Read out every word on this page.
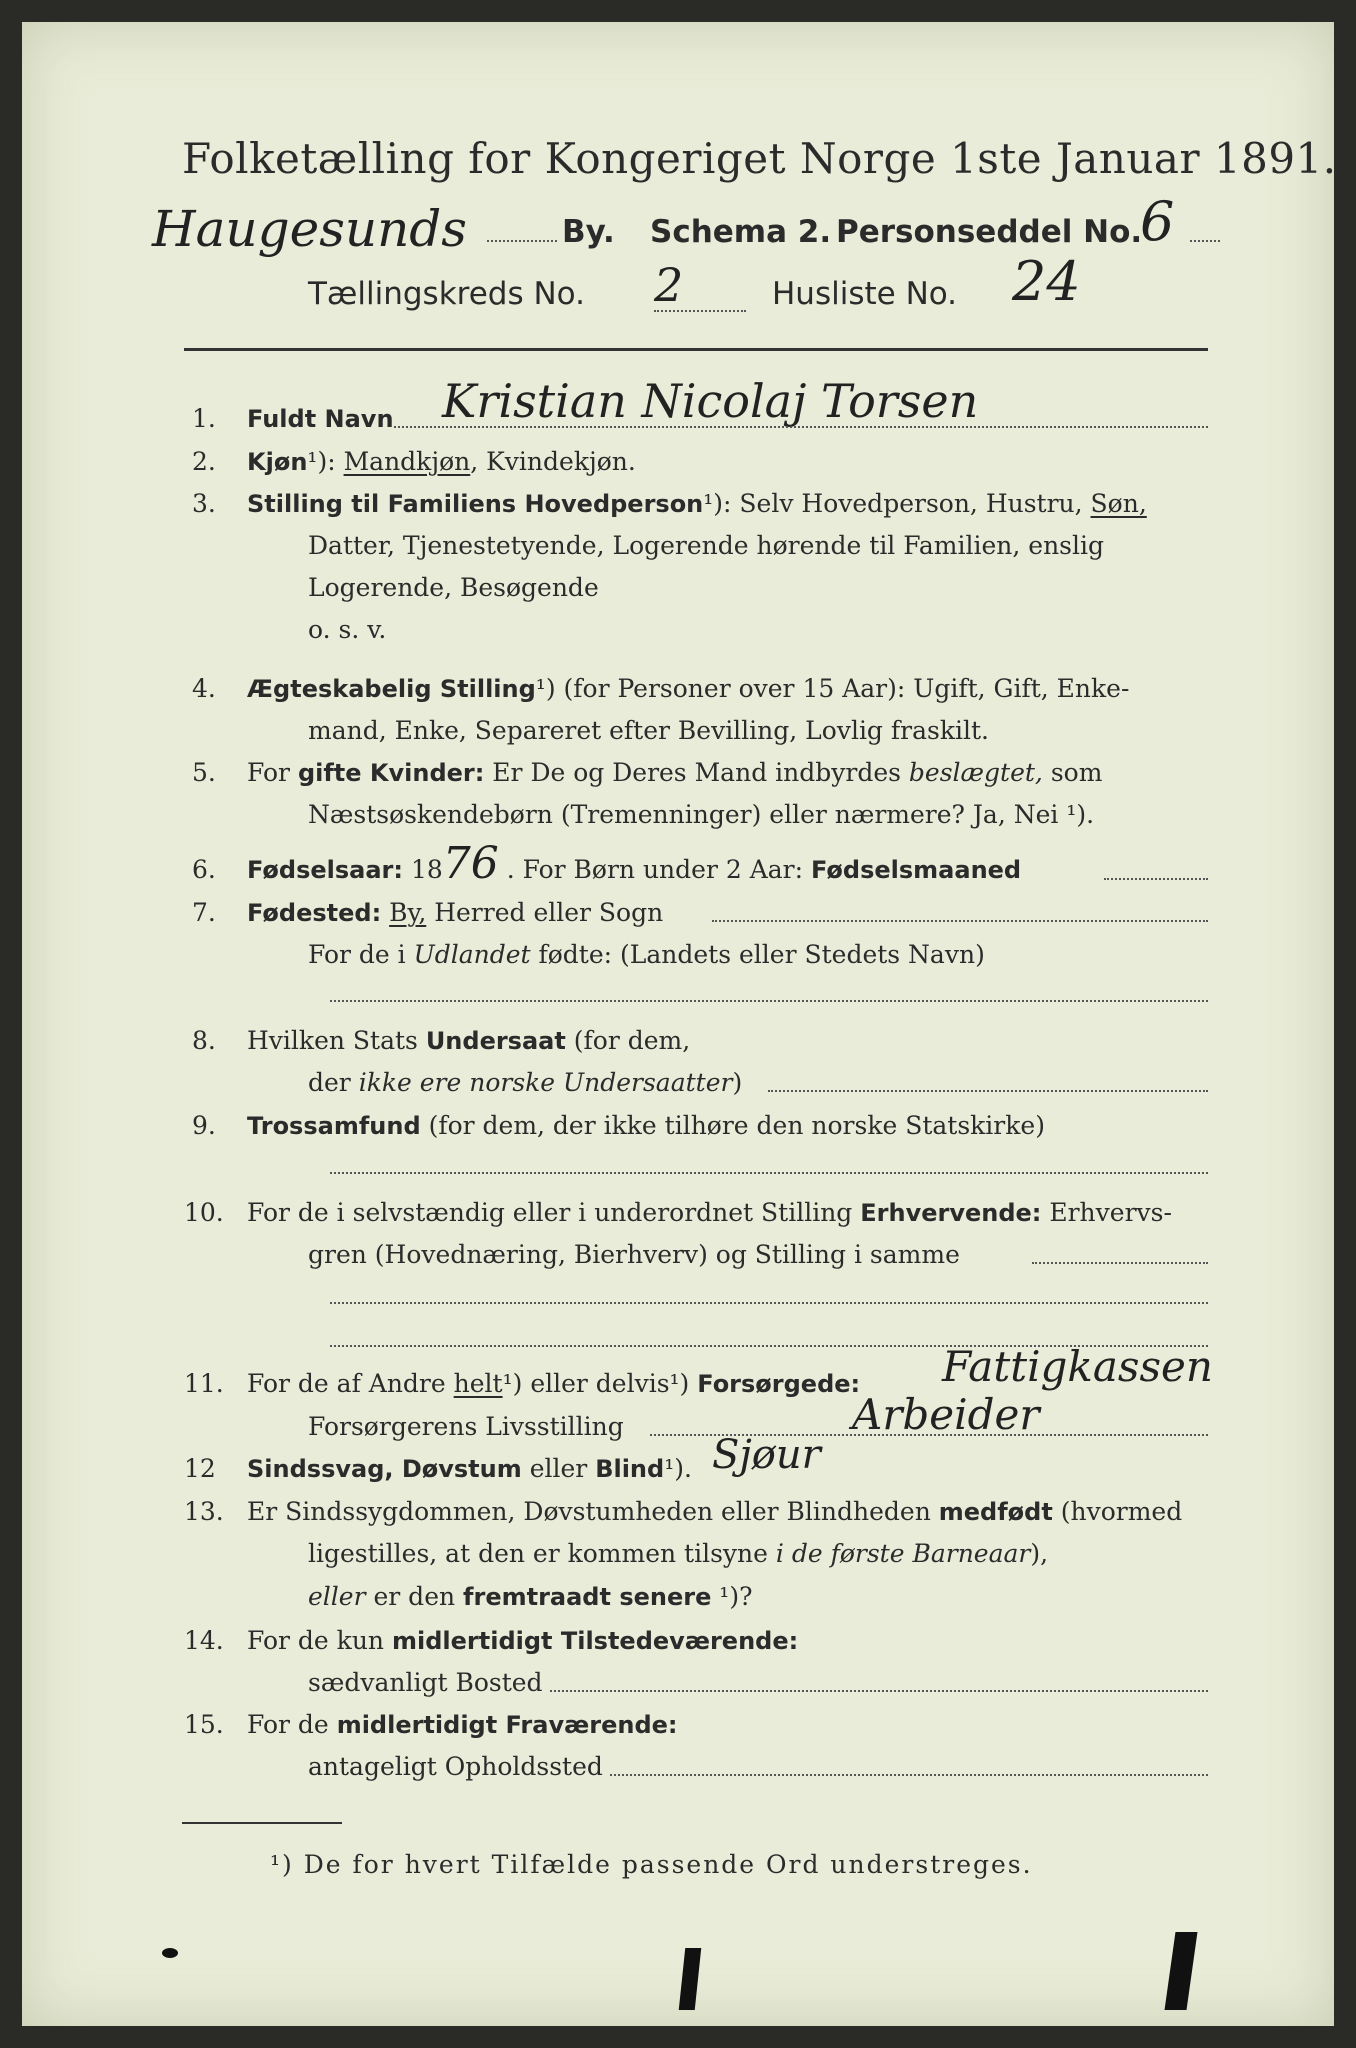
Folketælling for Kongeriget Norge 1ste Januar 1891.
Haugesunds	By. Schema 2. Personseddel No.
6
Tællingskreds No. 2	Husliste No. 24
1. Fuldt Navn Kristian Nicolaj Torsen
2. Kjøn¹): Mandkjøn, Kvindekjøn.
3. Stilling til Familiens Hovedperson¹): Selv Hovedperson, Hustru, Søn,
Datter, Tjenestetyende, Logerende hørende til Familien, enslig
Logerende, Besøgende
o. s. v.
4. Ægteskabelig Stilling¹) (for Personer over 15 Aar): Ugift, Gift, Enke-
mand, Enke, Separeret efter Bevilling, Lovlig fraskilt.
5. For gifte Kvinder: Er De og Deres Mand indbyrdes beslægtet, som
Næstsøskendebørn (Tremenninger) eller nærmere? Ja, Nei ¹).
6. Fødselsaar: 1876 . For Børn under 2 Aar: Fødselsmaaned
7. Fødested: By, Herred eller Sogn
For de i Udlandet fødte: (Landets eller Stedets Navn)
8. Hvilken Stats Undersaat (for dem,
der ikke ere norske Undersaatter)
9. Trossamfund (for dem, der ikke tilhøre den norske Statskirke)
10. For de i selvstændig eller i underordnet Stilling Erhvervende: Erhvervs-
gren (Hovednæring, Bierhverv) og Stilling i samme
11. For de af Andre helt¹) eller delvis¹) Forsørgede: Fattigkassen
Forsørgerens Livsstilling	Arbeider
12 Sindssvag, Døvstum eller Blind¹). Sjøur
13. Er Sindssygdommen, Døvstumheden eller Blindheden medfødt (hvormed
ligestilles, at den er kommen tilsyne i de første Barneaar),
eller er den fremtraadt senere ¹)?
14. For de kun midlertidigt Tilstedeværende:
sædvanligt Bosted
15. For de midlertidigt Fraværende:
antageligt Opholdssted
¹) De for hvert Tilfælde passende Ord understreges.
